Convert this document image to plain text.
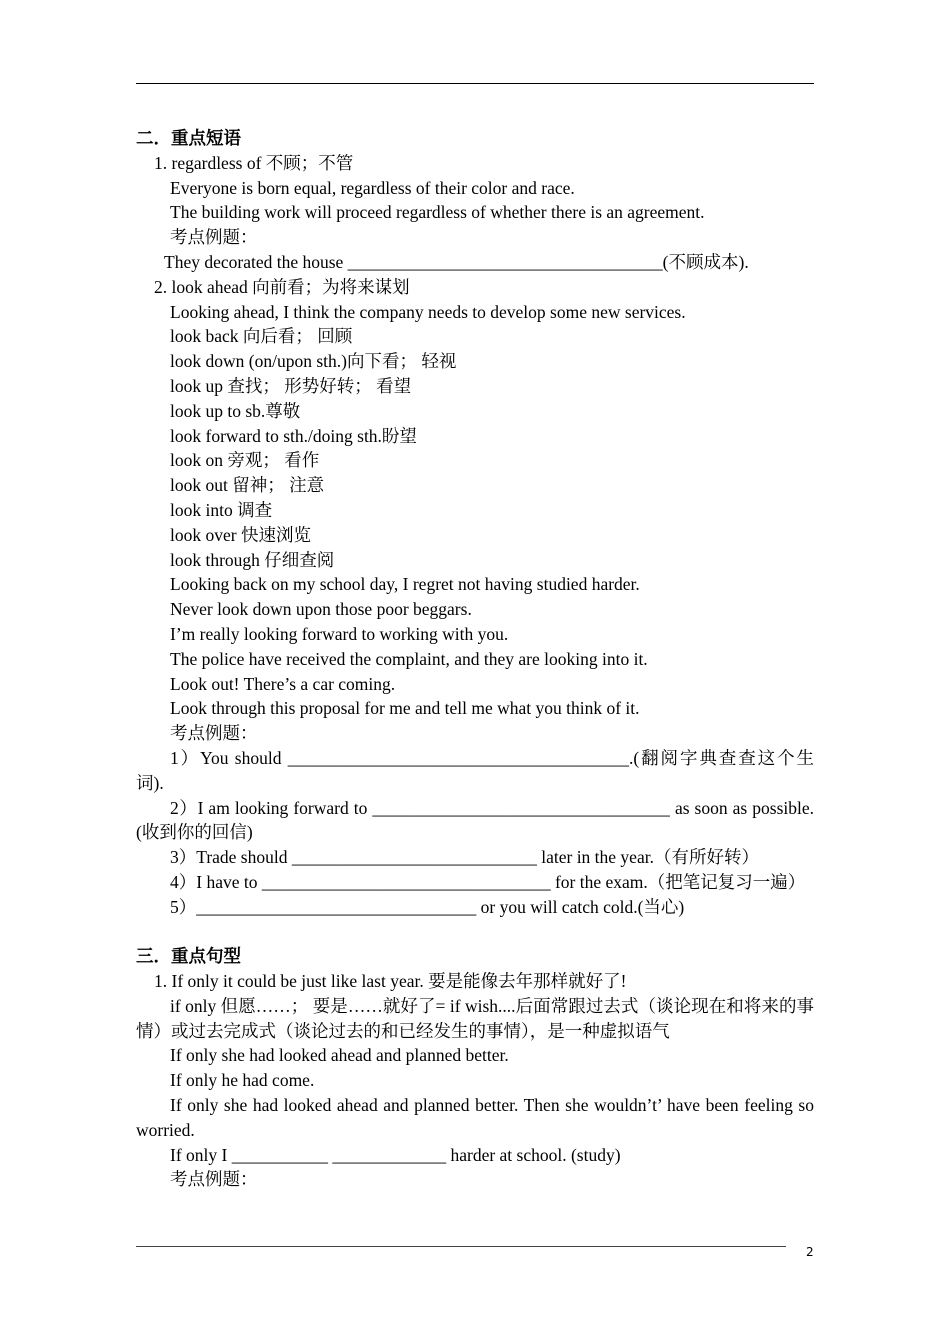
二．重点短语

1. regardless of 不顾；不管

Everyone is born equal, regardless of their color and race.

The building work will proceed regardless of whether there is an agreement.

考点例题：

They decorated the house ____________________________________(不顾成本).

2. look ahead 向前看；为将来谋划

Looking ahead, I think the company needs to develop some new services.

look back 向后看； 回顾

look down (on/upon sth.)向下看； 轻视

look up 查找； 形势好转； 看望

look up to sb.尊敬

look forward to sth./doing sth.盼望

look on 旁观； 看作

look out 留神； 注意

look into 调查

look over 快速浏览

look through 仔细查阅

Looking back on my school day, I regret not having studied harder.

Never look down upon those poor beggars.

I’m really looking forward to working with you.

The police have received the complaint, and they are looking into it.

Look out! There’s a car coming.

Look through this proposal for me and tell me what you think of it.

考点例题：

1）You should _______________________________________.(翻阅字典查查这个生词).

2）I am looking forward to __________________________________ as soon as possible.(收到你的回信)

3）Trade should ____________________________ later in the year.（有所好转）

4）I have to _________________________________ for the exam.（把笔记复习一遍）

5）________________________________ or you will catch cold.(当心)

三．重点句型

1. If only it could be just like last year. 要是能像去年那样就好了!

if only 但愿……； 要是……就好了= if wish....后面常跟过去式（谈论现在和将来的事情）或过去完成式（谈论过去的和已经发生的事情），是一种虚拟语气

If only she had looked ahead and planned better.

If only he had come.

If only she had looked ahead and planned better. Then she wouldn’t’ have been feeling so worried.

If only I ___________ _____________ harder at school. (study)

考点例题：

2
